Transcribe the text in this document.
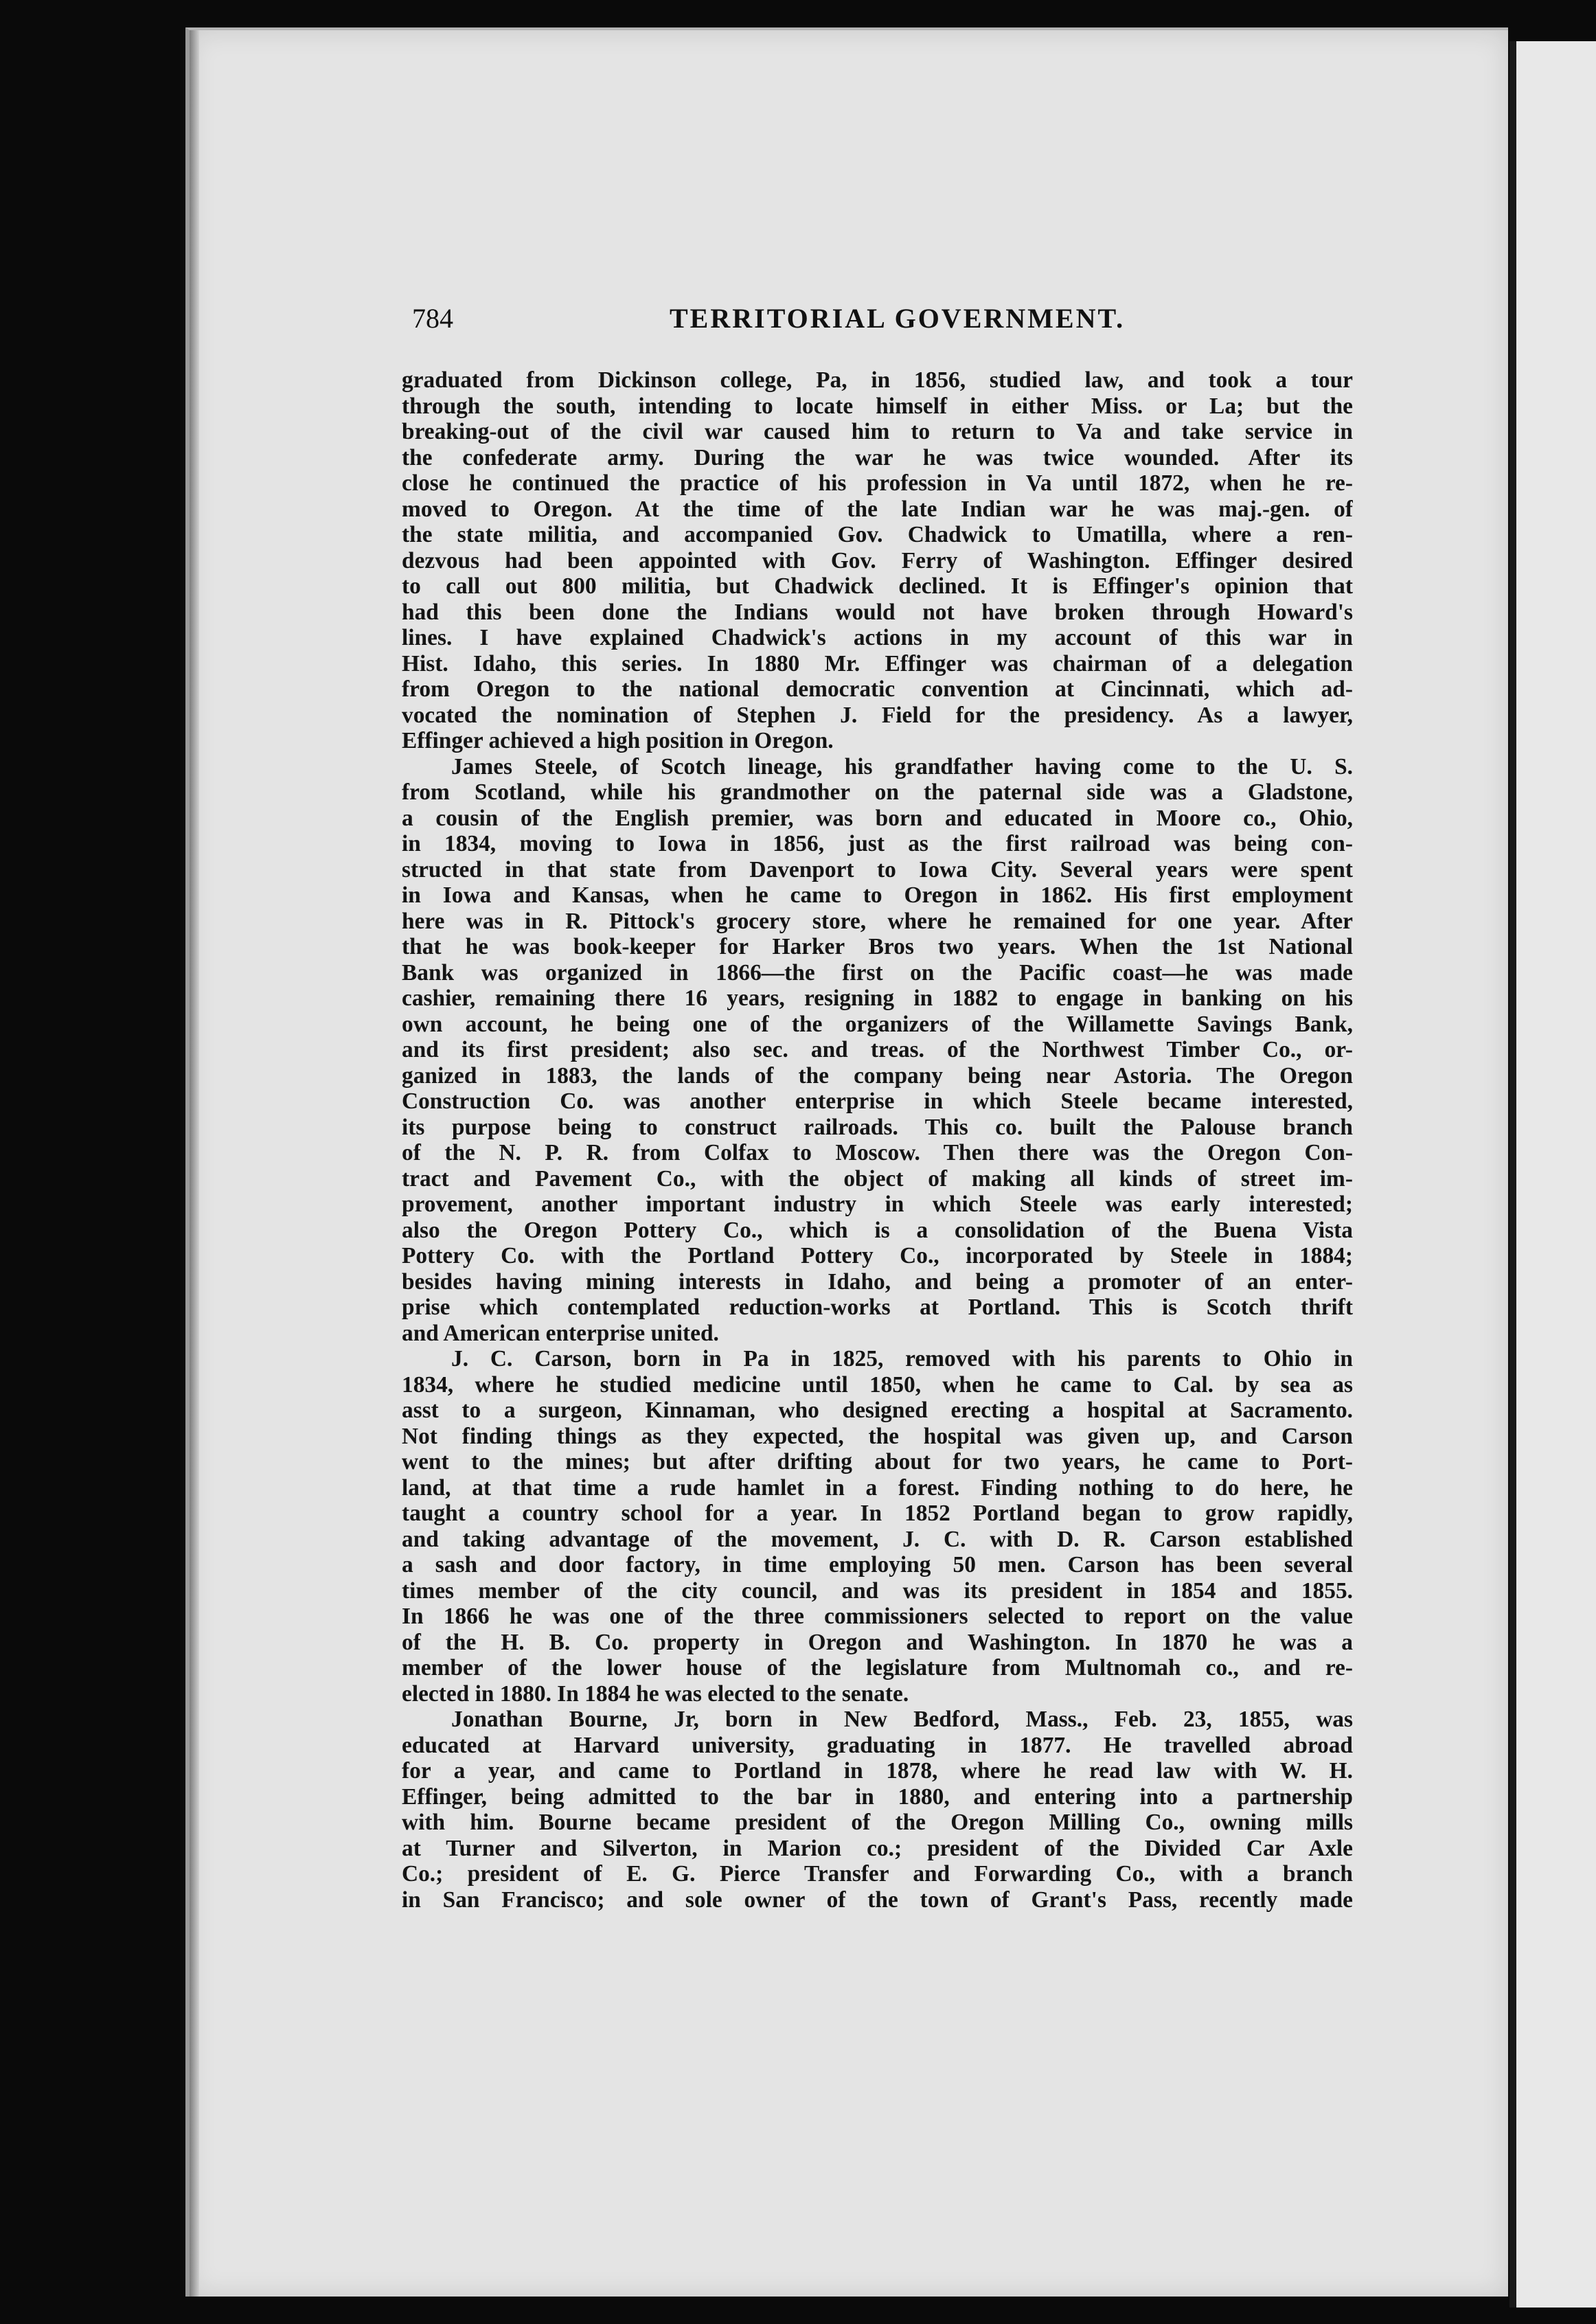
784	TERRITORIAL GOVERNMENT.
graduated from Dickinson college, Pa, in 1856, studied law, and took a tour
through the south, intending to locate himself in either Miss. or La; but the
breaking-out of the civil war caused him to return to Va and take service in
the confederate army. During the war he was twice wounded. After its
close he continued the practice of his profession in Va until 1872, when he re-
moved to Oregon. At the time of the late Indian war he was maj.-gen. of
the state militia, and accompanied Gov. Chadwick to Umatilla, where a ren-
dezvous had been appointed with Gov. Ferry of Washington. Effinger desired
to call out 800 militia, but Chadwick declined. It is Effinger's opinion that
had this been done the Indians would not have broken through Howard's
lines. I have explained Chadwick's actions in my account of this war in
Hist. Idaho, this series. In 1880 Mr. Effinger was chairman of a delegation
from Oregon to the national democratic convention at Cincinnati, which ad-
vocated the nomination of Stephen J. Field for the presidency. As a lawyer,
Effinger achieved a high position in Oregon.
James Steele, of Scotch lineage, his grandfather having come to the U. S.
from Scotland, while his grandmother on the paternal side was a Gladstone,
a cousin of the English premier, was born and educated in Moore co., Ohio,
in 1834, moving to Iowa in 1856, just as the first railroad was being con-
structed in that state from Davenport to Iowa City. Several years were spent
in Iowa and Kansas, when he came to Oregon in 1862. His first employment
here was in R. Pittock's grocery store, where he remained for one year. After
that he was book-keeper for Harker Bros two years. When the 1st National
Bank was organized in 1866—the first on the Pacific coast—he was made
cashier, remaining there 16 years, resigning in 1882 to engage in banking on his
own account, he being one of the organizers of the Willamette Savings Bank,
and its first president; also sec. and treas. of the Northwest Timber Co., or-
ganized in 1883, the lands of the company being near Astoria. The Oregon
Construction Co. was another enterprise in which Steele became interested,
its purpose being to construct railroads. This co. built the Palouse branch
of the N. P. R. from Colfax to Moscow. Then there was the Oregon Con-
tract and Pavement Co., with the object of making all kinds of street im-
provement, another important industry in which Steele was early interested;
also the Oregon Pottery Co., which is a consolidation of the Buena Vista
Pottery Co. with the Portland Pottery Co., incorporated by Steele in 1884;
besides having mining interests in Idaho, and being a promoter of an enter-
prise which contemplated reduction-works at Portland. This is Scotch thrift
and American enterprise united.
J. C. Carson, born in Pa in 1825, removed with his parents to Ohio in
1834, where he studied medicine until 1850, when he came to Cal. by sea as
asst to a surgeon, Kinnaman, who designed erecting a hospital at Sacramento.
Not finding things as they expected, the hospital was given up, and Carson
went to the mines; but after drifting about for two years, he came to Port-
land, at that time a rude hamlet in a forest. Finding nothing to do here, he
taught a country school for a year. In 1852 Portland began to grow rapidly,
and taking advantage of the movement, J. C. with D. R. Carson established
a sash and door factory, in time employing 50 men. Carson has been several
times member of the city council, and was its president in 1854 and 1855.
In 1866 he was one of the three commissioners selected to report on the value
of the H. B. Co. property in Oregon and Washington. In 1870 he was a
member of the lower house of the legislature from Multnomah co., and re-
elected in 1880. In 1884 he was elected to the senate.
Jonathan Bourne, Jr, born in New Bedford, Mass., Feb. 23, 1855, was
educated at Harvard university, graduating in 1877. He travelled abroad
for a year, and came to Portland in 1878, where he read law with W. H.
Effinger, being admitted to the bar in 1880, and entering into a partnership
with him. Bourne became president of the Oregon Milling Co., owning mills
at Turner and Silverton, in Marion co.; president of the Divided Car Axle
Co.; president of E. G. Pierce Transfer and Forwarding Co., with a branch
in San Francisco; and sole owner of the town of Grant's Pass, recently made
